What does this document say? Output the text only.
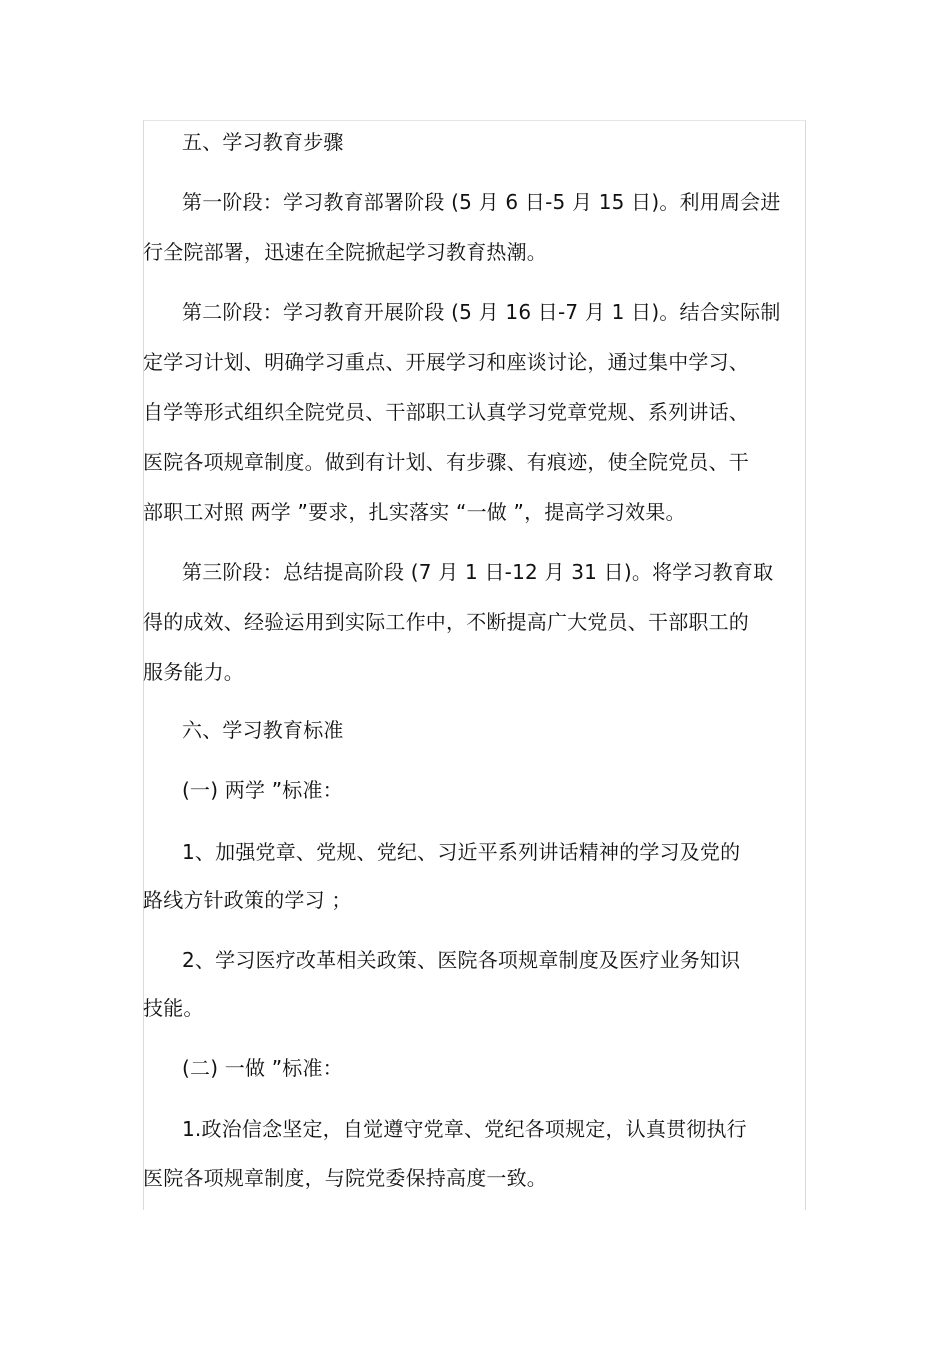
五、学习教育步骤
第一阶段：学习教育部署阶段 (5 月 6 日-5 月 15 日)。利用周会进
行全院部署，迅速在全院掀起学习教育热潮。
第二阶段：学习教育开展阶段 (5 月 16 日-7 月 1 日)。结合实际制
定学习计划、明确学习重点、开展学习和座谈讨论，通过集中学习、
自学等形式组织全院党员、干部职工认真学习党章党规、系列讲话、
医院各项规章制度。做到有计划、有步骤、有痕迹，使全院党员、干
部职工对照 两学 ”要求，扎实落实 “一做 ”，提高学习效果。
第三阶段：总结提高阶段 (7 月 1 日-12 月 31 日)。将学习教育取
得的成效、经验运用到实际工作中，不断提高广大党员、干部职工的
服务能力。
六、学习教育标准
(一) 两学 ”标准：
1、加强党章、党规、党纪、习近平系列讲话精神的学习及党的
路线方针政策的学习 ；
2、学习医疗改革相关政策、医院各项规章制度及医疗业务知识
技能。
(二) 一做 ”标准：
1.政治信念坚定，自觉遵守党章、党纪各项规定，认真贯彻执行
医院各项规章制度，与院党委保持高度一致。
